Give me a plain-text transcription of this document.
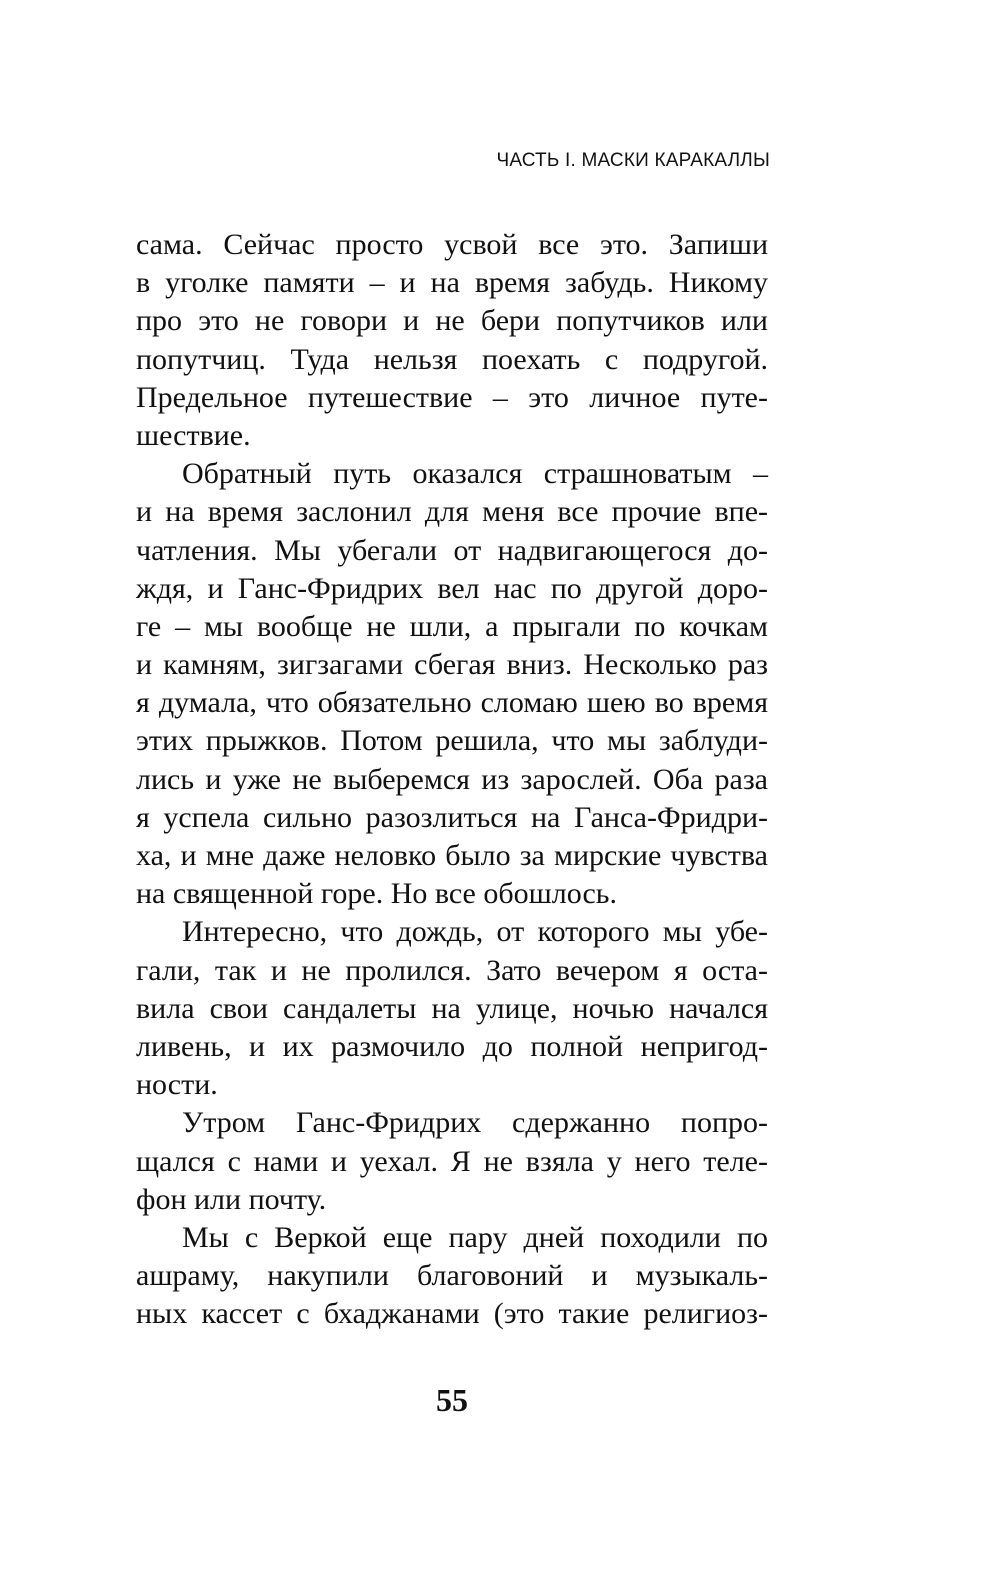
ЧАСТЬ I. МАСКИ КАРАКАЛЛЫ
сама. Сейчас просто усвой все это. Запиши
в уголке памяти – и на время забудь. Никому
про это не говори и не бери попутчиков или
попутчиц. Туда нельзя поехать с подругой.
Предельное путешествие – это личное путе-
шествие.
Обратный путь оказался страшноватым –
и на время заслонил для меня все прочие впе-
чатления. Мы убегали от надвигающегося до-
ждя, и Ганс-Фридрих вел нас по другой доро-
ге – мы вообще не шли, а прыгали по кочкам
и камням, зигзагами сбегая вниз. Несколько раз
я думала, что обязательно сломаю шею во время
этих прыжков. Потом решила, что мы заблуди-
лись и уже не выберемся из зарослей. Оба раза
я успела сильно разозлиться на Ганса-Фридри-
ха, и мне даже неловко было за мирские чувства
на священной горе. Но все обошлось.
Интересно, что дождь, от которого мы убе-
гали, так и не пролился. Зато вечером я оста-
вила свои сандалеты на улице, ночью начался
ливень, и их размочило до полной непригод-
ности.
Утром Ганс-Фридрих сдержанно попро-
щался с нами и уехал. Я не взяла у него теле-
фон или почту.
Мы с Веркой еще пару дней походили по
ашраму, накупили благовоний и музыкаль-
ных кассет с бхаджанами (это такие религиоз-
55
